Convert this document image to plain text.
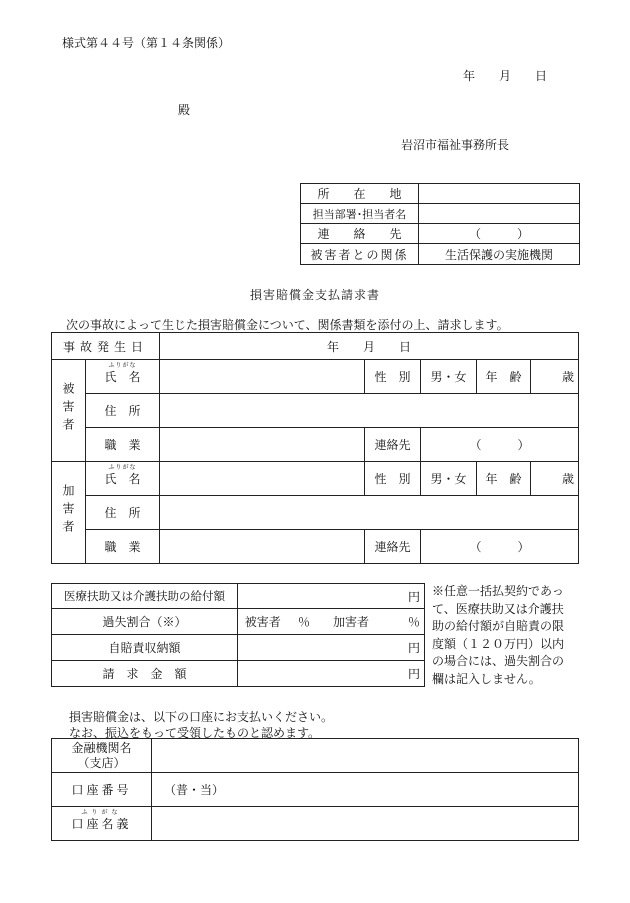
様式第４４号（第１４条関係）
年　　月　　日
殿
岩沼市福祉事務所長
所　　在　　地	
担当部署･担当者名	
連　　絡　　先	（　　　）
被害者との関係	生活保護の実施機関
損害賠償金支払請求書
次の事故によって生じた損害賠償金について、関係書類を添付の上、請求します。
事故発生日		年　　月　　日				
被害者	ふりがな
氏　名		性　別	男・女	年　齢	歳
	住　所					
	職　業		連絡先	（　　　）		
加害者	ふりがな
氏　名		性　別	男・女	年　齢	歳
	住　所					
	職　業		連絡先	（　　　）		
医療扶助又は介護扶助の給付額	円			
過失割合（※）	被害者	％	加害者	％
自賠責収納額	円			
請　求　金　額	円			
※任意一括払契約であっ
て、医療扶助又は介護扶
助の給付額が自賠責の限
度額（１２０万円）以内
の場合には、過失割合の
欄は記入しません。
損害賠償金は、以下の口座にお支払いください。
なお、振込をもって受領したものと認めます。
金融機関名
（支店）	

口座番号	（普・当）

ふりがな
口座名義	
